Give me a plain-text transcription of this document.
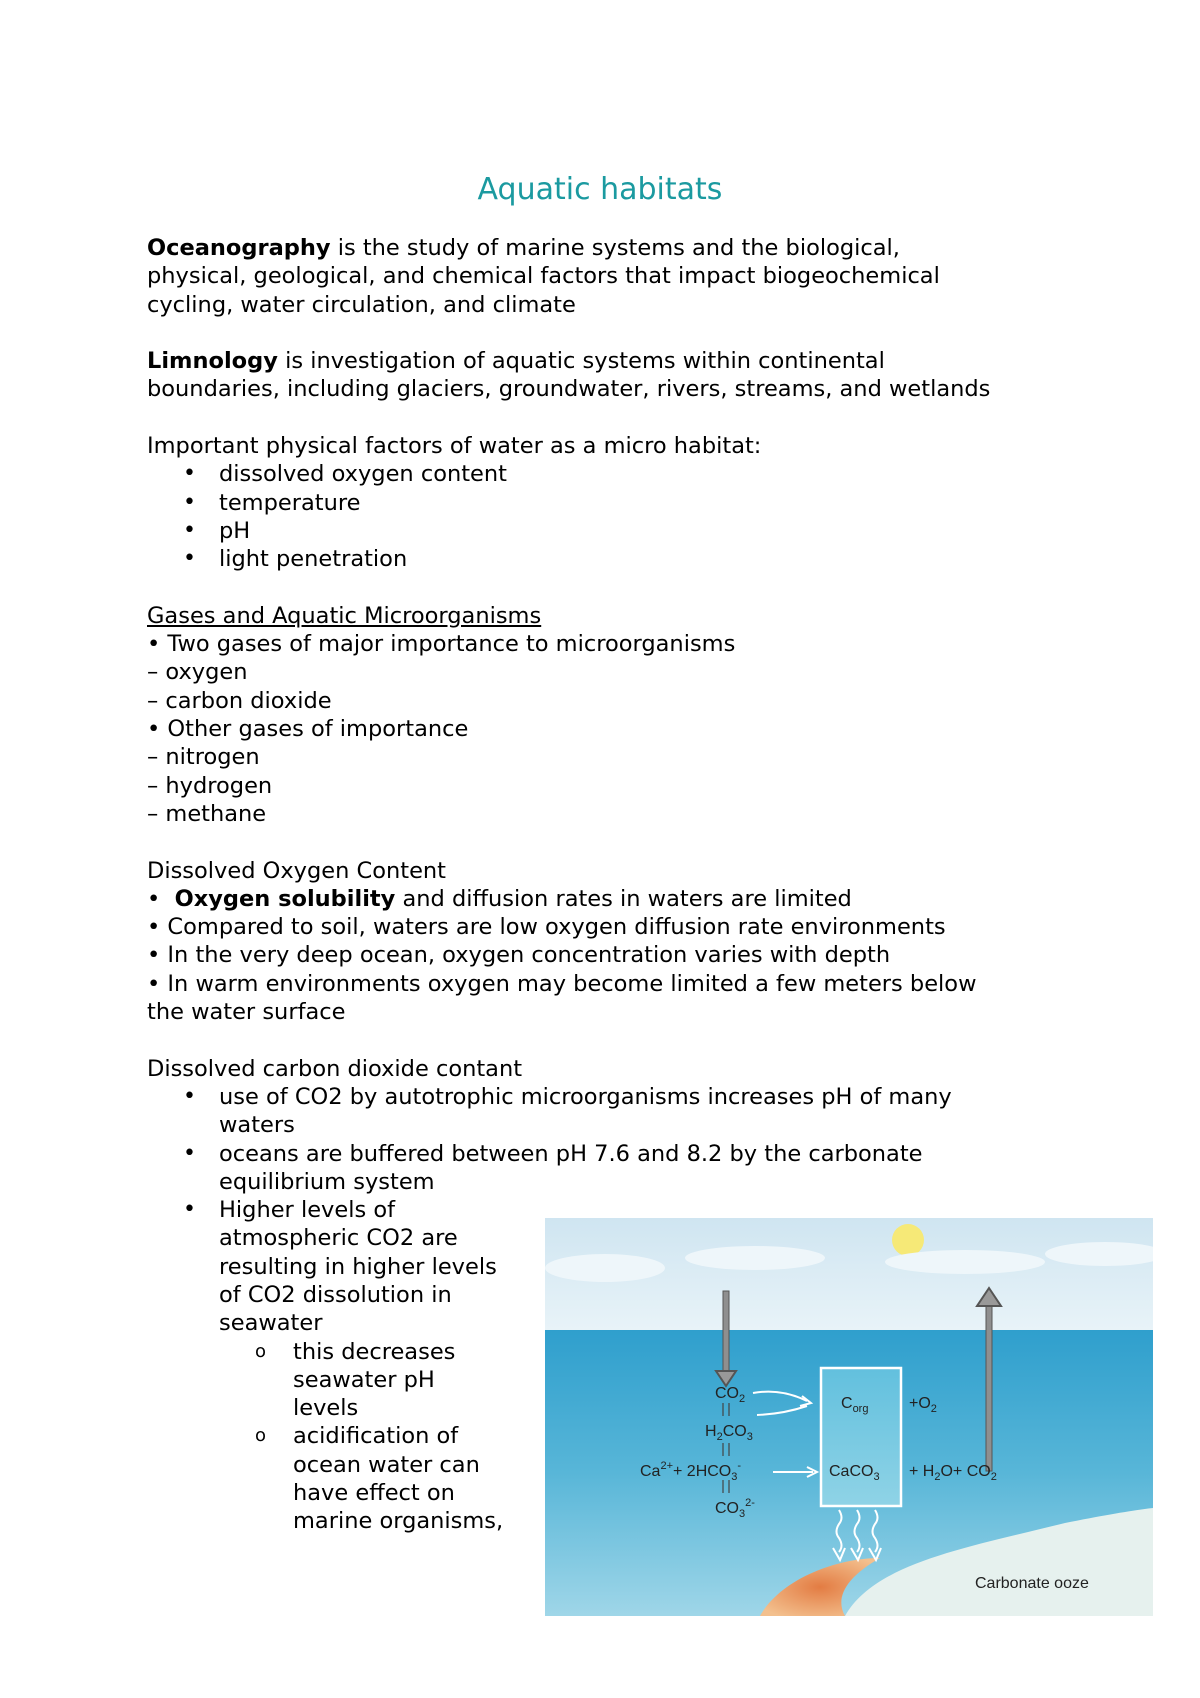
Aquatic habitats

Oceanography is the study of marine systems and the biological,
physical, geological, and chemical factors that impact biogeochemical
cycling, water circulation, and climate

Limnology is investigation of aquatic systems within continental
boundaries, including glaciers, groundwater, rivers, streams, and wetlands

Important physical factors of water as a micro habitat:

• dissolved oxygen content
• temperature
• pH
• light penetration

Gases and Aquatic Microorganisms

• Two gases of major importance to microorganisms

– oxygen

– carbon dioxide

• Other gases of importance

– nitrogen

– hydrogen

– methane

Dissolved Oxygen Content

•  Oxygen solubility and diffusion rates in waters are limited

• Compared to soil, waters are low oxygen diffusion rate environments

• In the very deep ocean, oxygen concentration varies with depth

• In warm environments oxygen may become limited a few meters below

the water surface

Dissolved carbon dioxide contant

• use of CO2 by autotrophic microorganisms increases pH of many
waters
• oceans are buffered between pH 7.6 and 8.2 by the carbonate
equilibrium system
• Higher levels of
atmospheric CO2 are
resulting in higher levels
of CO2 dissolution in
seawater
o this decreases
seawater pH
levels
o acidification of
ocean water can
have effect on
marine organisms,
$CO_2$
$H_2CO_3$
$Ca^{2+}+ 2HCO_3^-$
$CO_3^{2-}$
$C_{org}$	$+O_2$
CaCO$_3$ + $H_2O+ CO_2$
Carbonate ooze
